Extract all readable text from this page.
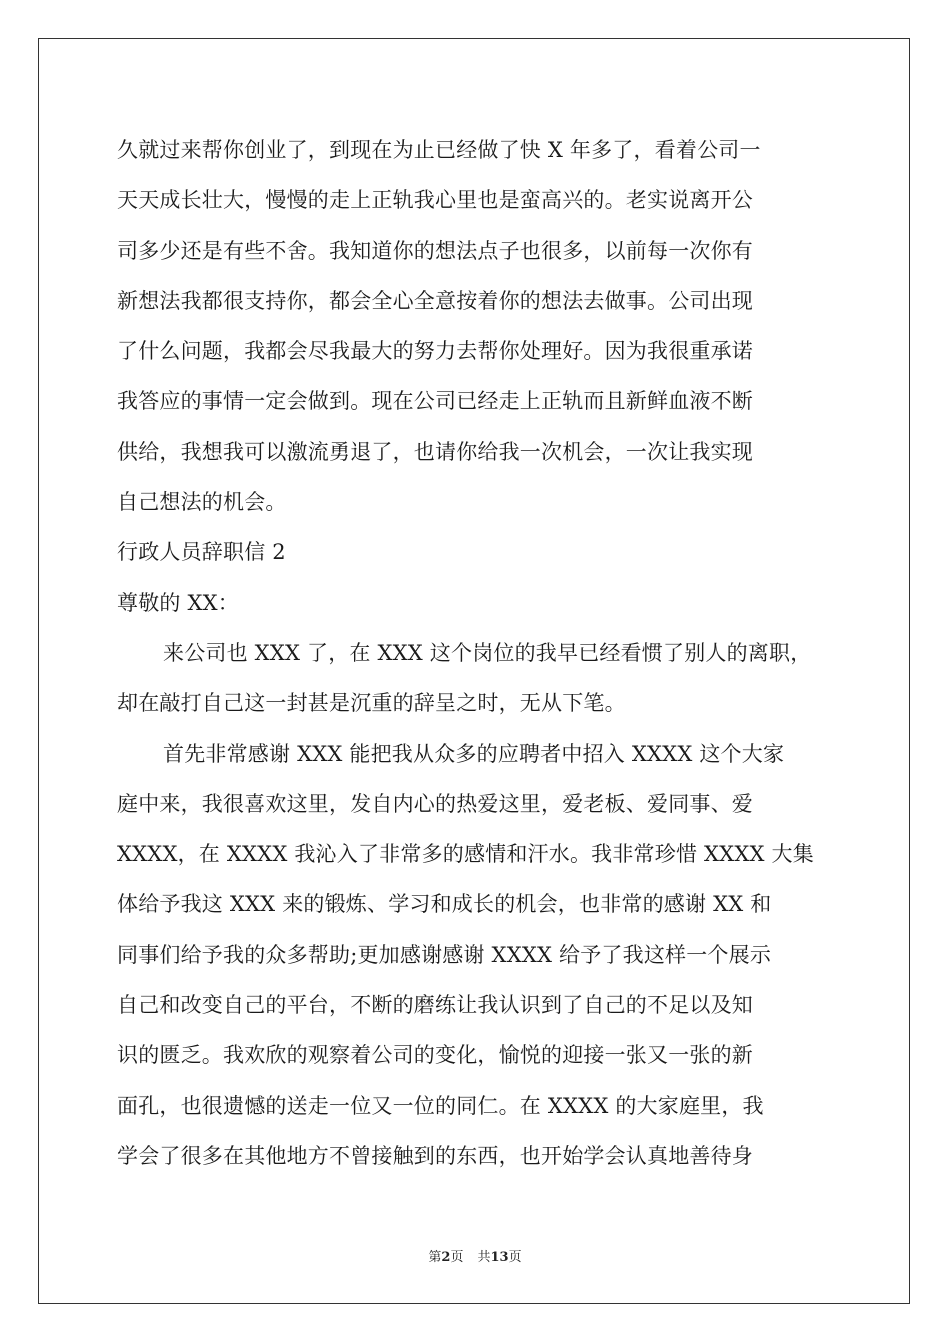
久就过来帮你创业了，到现在为止已经做了快 X 年多了，看着公司一
天天成长壮大，慢慢的走上正轨我心里也是蛮高兴的。老实说离开公
司多少还是有些不舍。我知道你的想法点子也很多，以前每一次你有
新想法我都很支持你，都会全心全意按着你的想法去做事。公司出现
了什么问题，我都会尽我最大的努力去帮你处理好。因为我很重承诺
我答应的事情一定会做到。现在公司已经走上正轨而且新鲜血液不断
供给，我想我可以激流勇退了，也请你给我一次机会，一次让我实现
自己想法的机会。
行政人员辞职信 2
尊敬的 XX：
来公司也 XXX 了，在 XXX 这个岗位的我早已经看惯了别人的离职，
却在敲打自己这一封甚是沉重的辞呈之时，无从下笔。
首先非常感谢 XXX 能把我从众多的应聘者中招入 XXXX 这个大家
庭中来，我很喜欢这里，发自内心的热爱这里，爱老板、爱同事、爱
XXXX，在 XXXX 我沁入了非常多的感情和汗水。我非常珍惜 XXXX 大集
体给予我这 XXX 来的锻炼、学习和成长的机会，也非常的感谢 XX 和
同事们给予我的众多帮助;更加感谢感谢 XXXX 给予了我这样一个展示
自己和改变自己的平台，不断的磨练让我认识到了自己的不足以及知
识的匮乏。我欢欣的观察着公司的变化，愉悦的迎接一张又一张的新
面孔，也很遗憾的送走一位又一位的同仁。在 XXXX 的大家庭里，我
学会了很多在其他地方不曾接触到的东西，也开始学会认真地善待身
第2页 共13页
